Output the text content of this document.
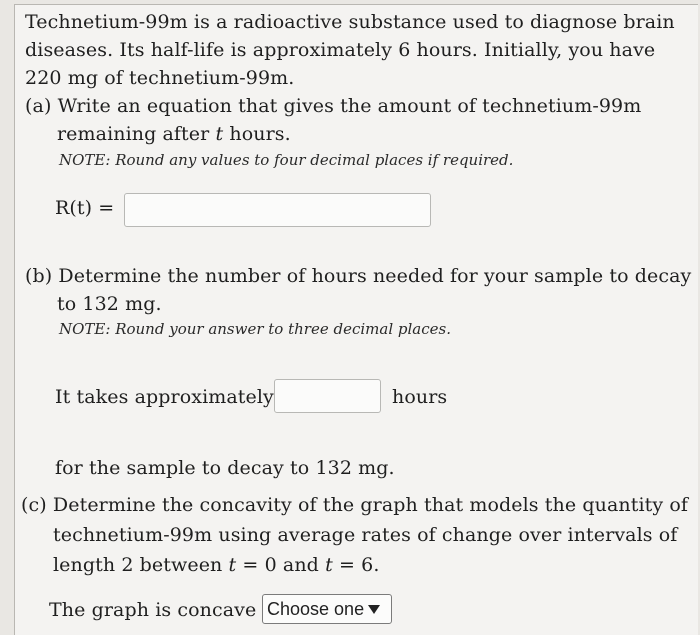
Technetium-99m is a radioactive substance used to diagnose brain
diseases. Its half-life is approximately 6 hours. Initially, you have
220 mg of technetium-99m.
(a) Write an equation that gives the amount of technetium-99m
remaining after t hours.
NOTE: Round any values to four decimal places if required.
R(t) =
(b) Determine the number of hours needed for your sample to decay
to 132 mg.
NOTE: Round your answer to three decimal places.
It takes approximately	hours
for the sample to decay to 132 mg.
(c) Determine the concavity of the graph that models the quantity of
technetium-99m using average rates of change over intervals of
length 2 between t = 0 and t = 6.
The graph is concave Choose one
